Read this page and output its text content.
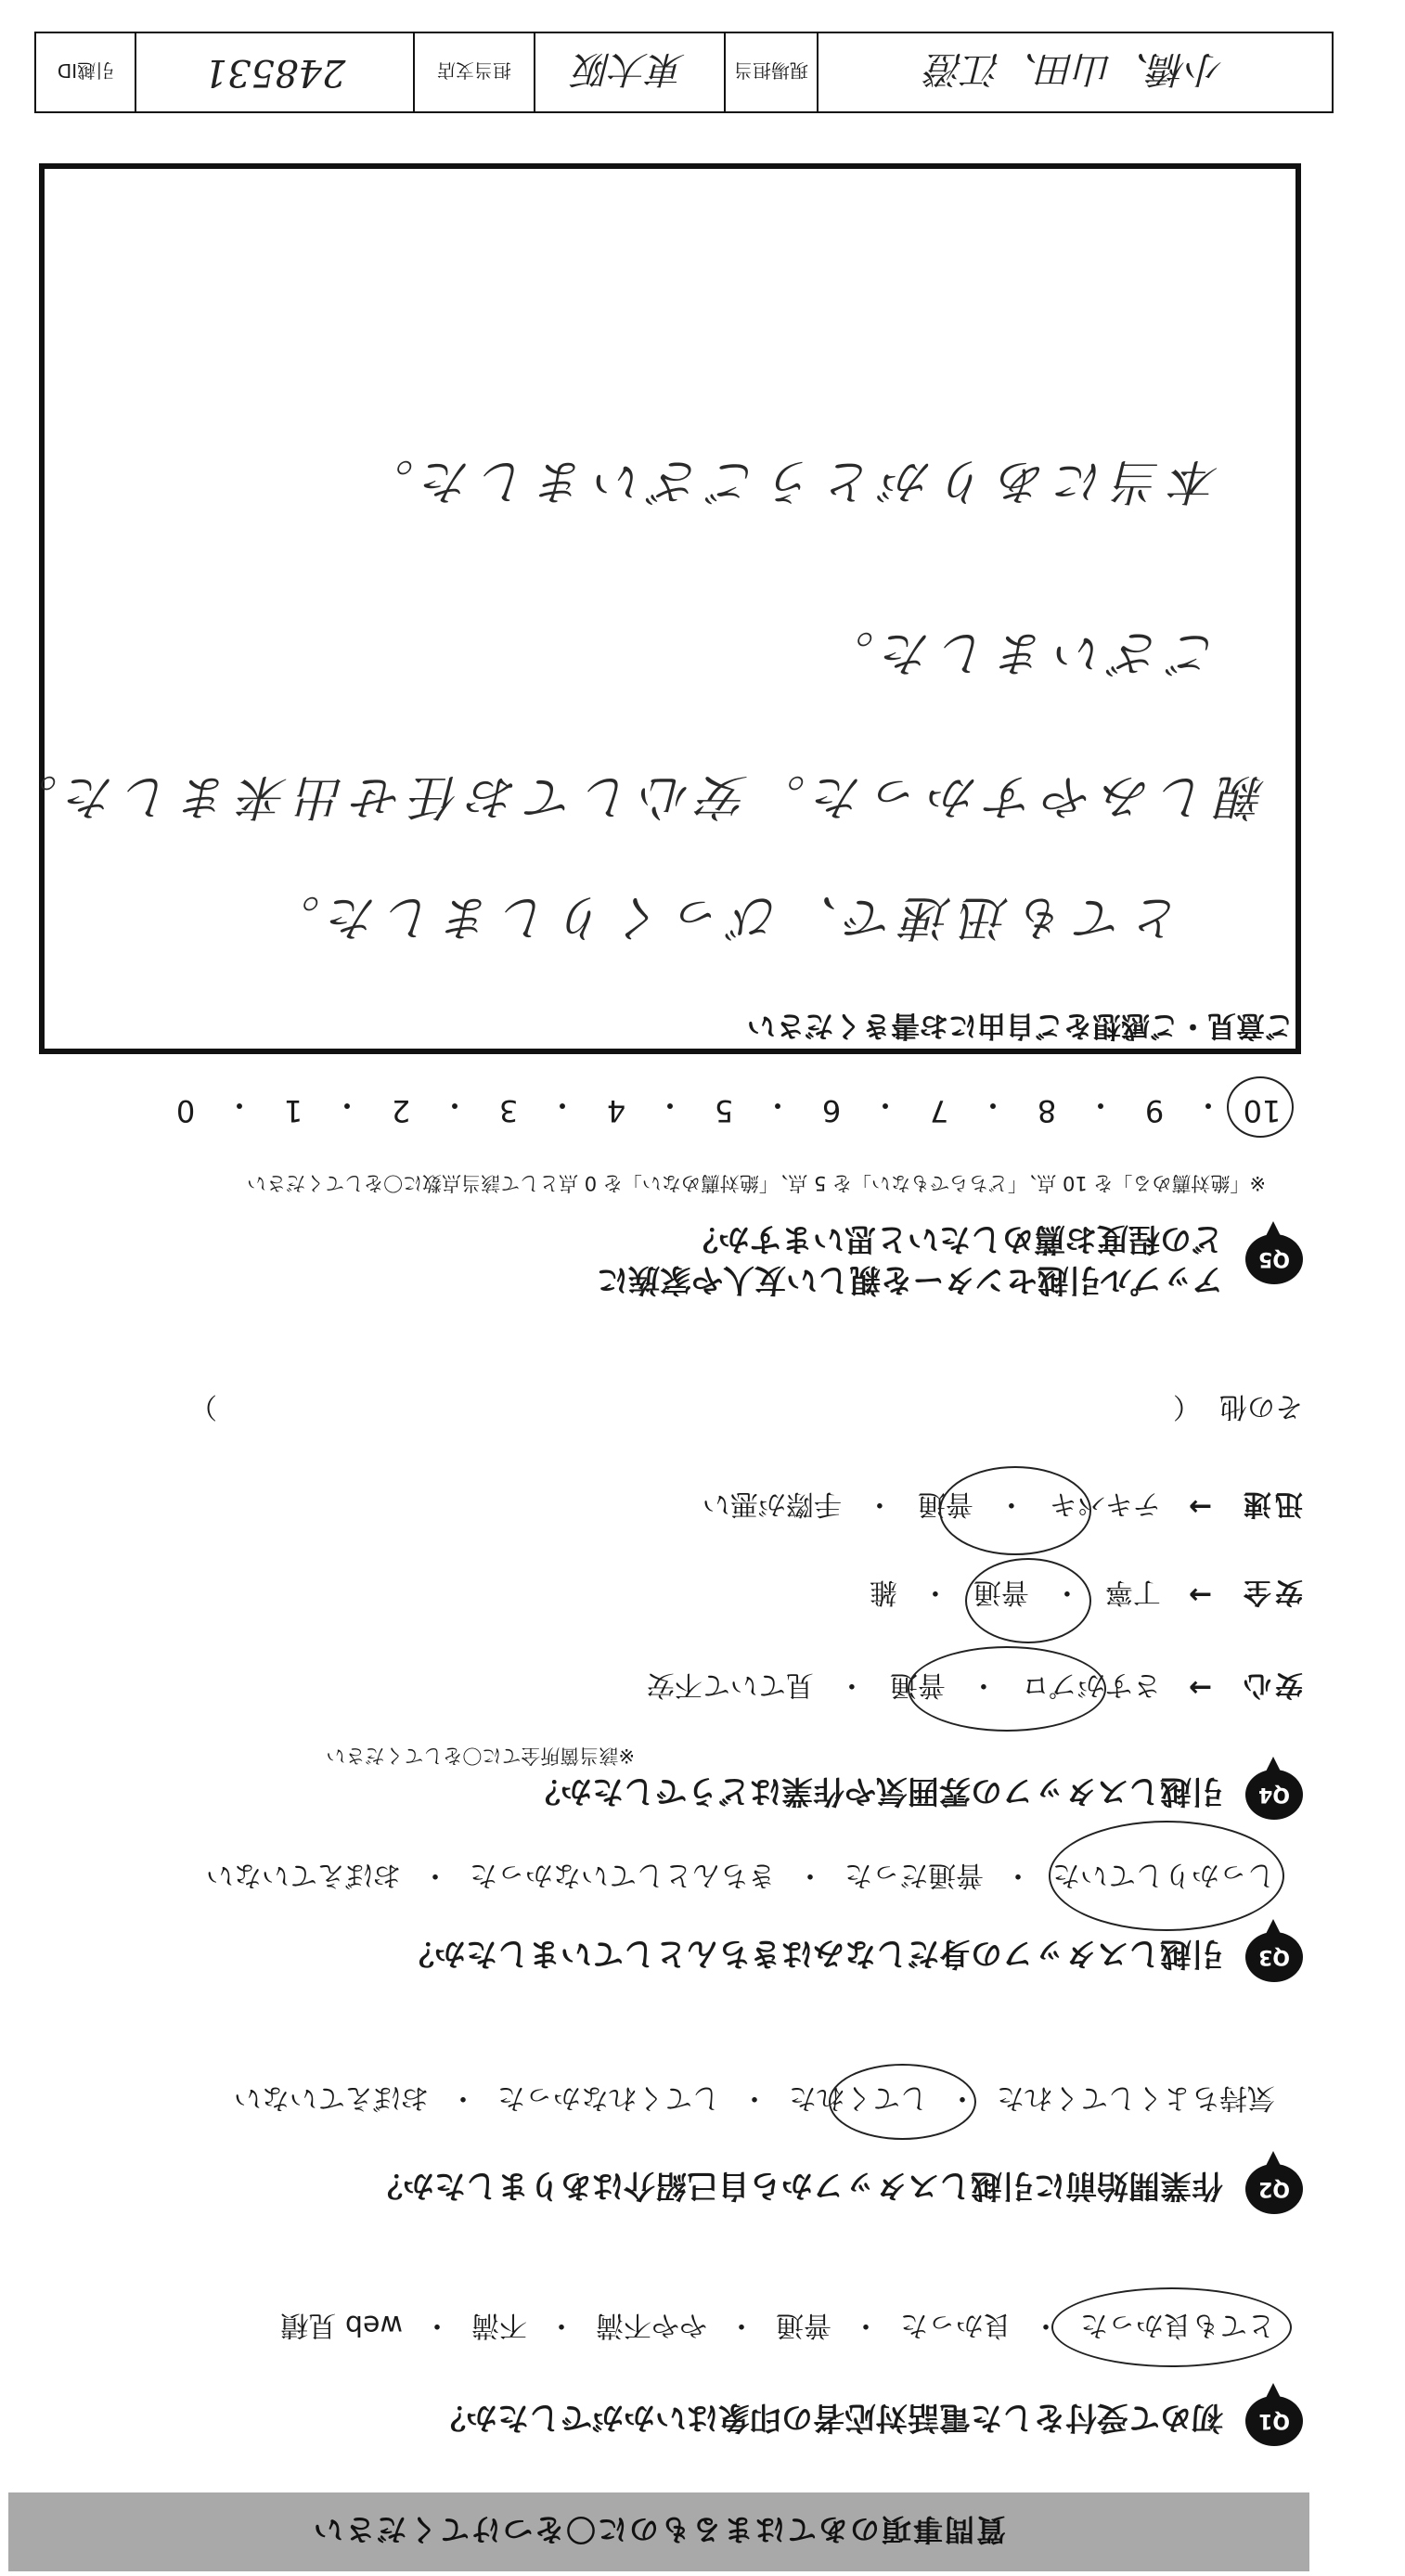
質問事項のあてはまるものに〇をつけてください
Q1
初めて受付をした電話対応者の印象はいかがでしたか？
とても良かった
・
良かった
・
普通
・
やや不満
・
不満
・
web 見積
Q2
作業開始前に引越しスタッフから自己紹介はありましたか？
気持ちよくしてくれた
・
してくれた
・
してくれなかった
・
おぼえていない
Q3
引越しスタッフの身だしなみはきちんとしていましたか？
しっかりしていた
・
普通だった
・
きちんとしていなかった
・
おぼえていない
Q4
引越しスタッフの雰囲気や作業はどうでしたか？
※該当箇所全てに〇をしてください
安心
→
さすがプロ
・
普通
・
見ていて不安
安全
→
丁寧
・
普通
・
雑
迅速
→
テキパキ
・
普通
・
手際が悪い
その他
（
）
Q5
アップル引越センターを親しい友人や家族に
どの程度お薦めしたいと思いますか？
※「絶対薦める」を 10 点、「どちらでもない」を 5 点、「絶対薦めない」を 0 点として該当点数に〇をしてください
10
・
9
・
8
・
7
・
6
・
5
・
4
・
3
・
2
・
1
・
0
ご意見・ご感想をご自由にお書きください
とても迅速で、びっくりしました。
親しみやすかった。安心してお任せ出来ました。
ございました。
本当にありがとうございました。
小橋、山田、江澄
現場担当
東大阪
担当支店
248531
引越ID
